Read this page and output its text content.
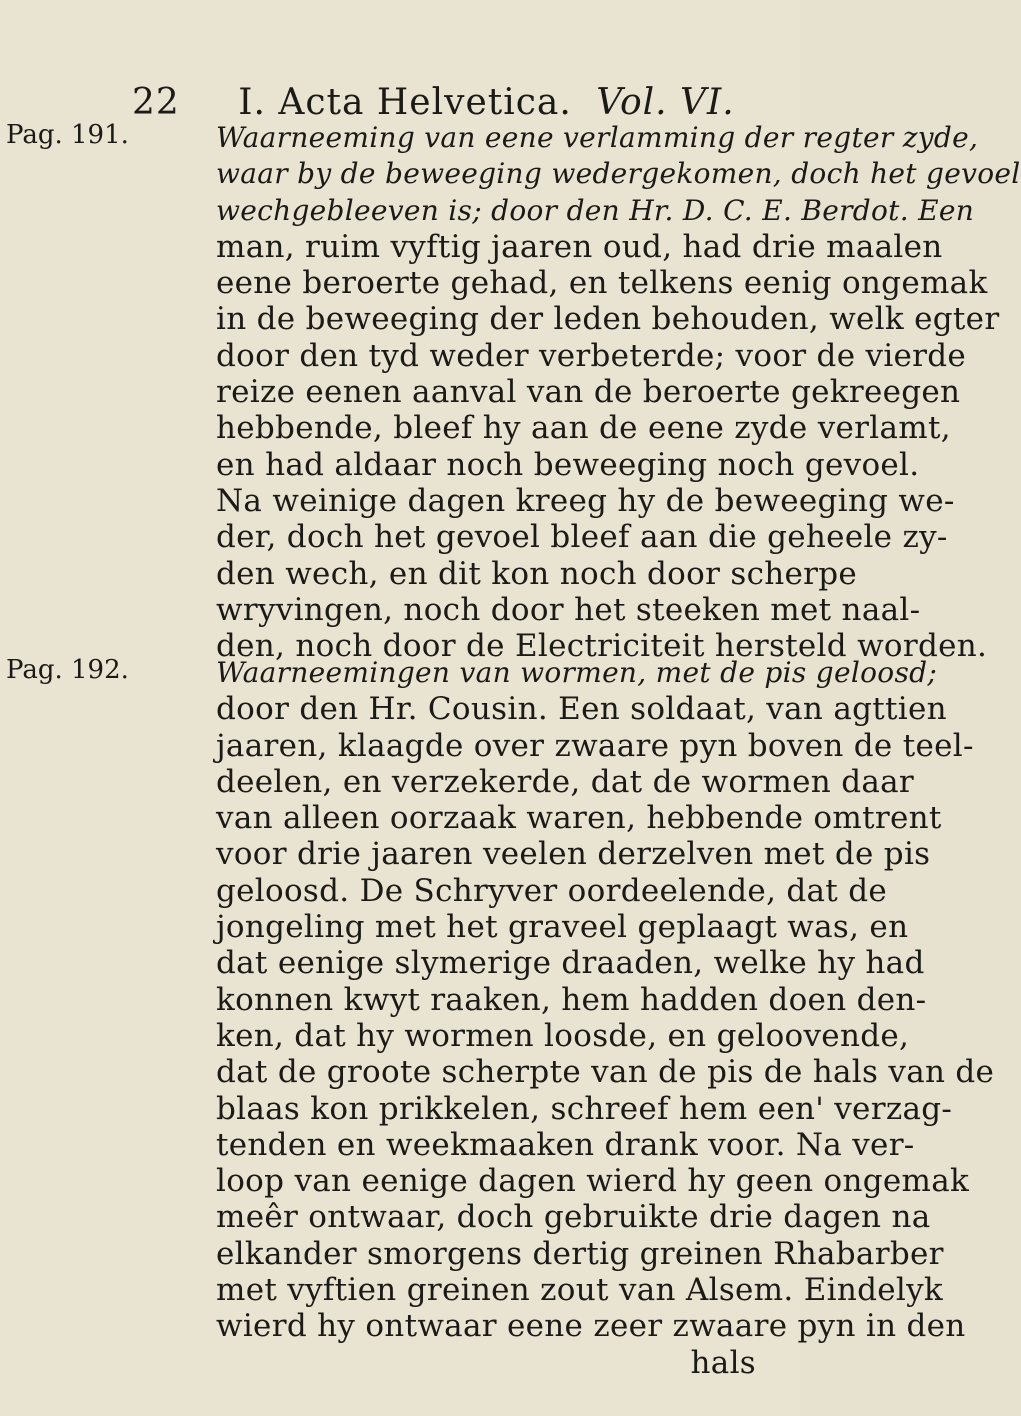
22 I. Acta Helvetica. Vol. VI.
Pag. 191.
Pag. 192.
Waarneeming van eene verlamming der regter zyde,
waar by de beweeging wedergekomen, doch het gevoel
wechgebleeven is; door den Hr. D. C. E. Berdot. Een
man, ruim vyftig jaaren oud, had drie maalen
eene beroerte gehad, en telkens eenig ongemak
in de beweeging der leden behouden, welk egter
door den tyd weder verbeterde; voor de vierde
reize eenen aanval van de beroerte gekreegen
hebbende, bleef hy aan de eene zyde verlamt,
en had aldaar noch beweeging noch gevoel.
Na weinige dagen kreeg hy de beweeging we-
der, doch het gevoel bleef aan die geheele zy-
den wech, en dit kon noch door scherpe
wryvingen, noch door het steeken met naal-
den, noch door de Electriciteit hersteld worden.
Waarneemingen van wormen, met de pis geloosd;
door den Hr. Cousin. Een soldaat, van agttien
jaaren, klaagde over zwaare pyn boven de teel-
deelen, en verzekerde, dat de wormen daar
van alleen oorzaak waren, hebbende omtrent
voor drie jaaren veelen derzelven met de pis
geloosd. De Schryver oordeelende, dat de
jongeling met het graveel geplaagt was, en
dat eenige slymerige draaden, welke hy had
konnen kwyt raaken, hem hadden doen den-
ken, dat hy wormen loosde, en geloovende,
dat de groote scherpte van de pis de hals van de
blaas kon prikkelen, schreef hem een' verzag-
tenden en weekmaaken drank voor. Na ver-
loop van eenige dagen wierd hy geen ongemak
meêr ontwaar, doch gebruikte drie dagen na
elkander smorgens dertig greinen Rhabarber
met vyftien greinen zout van Alsem. Eindelyk
wierd hy ontwaar eene zeer zwaare pyn in den
hals
